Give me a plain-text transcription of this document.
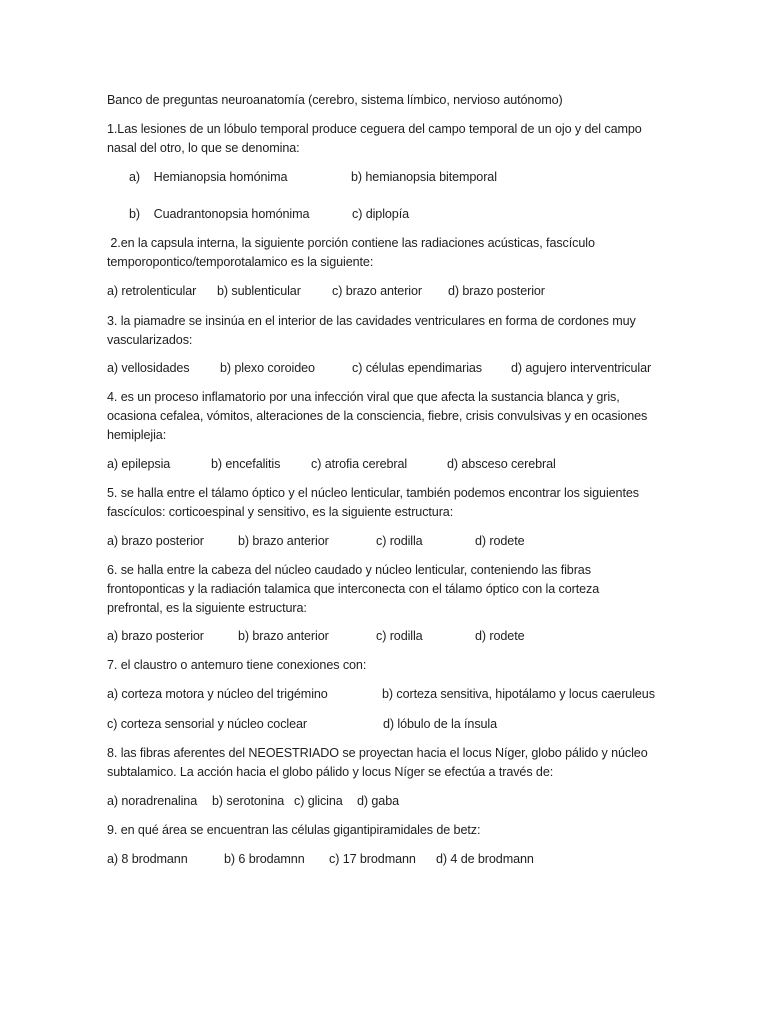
Banco de preguntas neuroanatomía (cerebro, sistema límbico, nervioso autónomo)
1.Las lesiones de un lóbulo temporal produce ceguera del campo temporal de un ojo y del campo
nasal del otro, lo que se denomina:
a)    Hemianopsia homónima	b) hemianopsia bitemporal
b)    Cuadrantonopsia homónima	c) diplopía
2.en la capsula interna, la siguiente porción contiene las radiaciones acústicas, fascículo
temporopontico/temporotalamico es la siguiente:
a) retrolenticular b) sublenticular c) brazo anterior d) brazo posterior
3. la piamadre se insinúa en el interior de las cavidades ventriculares en forma de cordones muy
vascularizados:
a) vellosidades b) plexo coroideo	c) células ependimarias d) agujero interventricular
4. es un proceso inflamatorio por una infección viral que que afecta la sustancia blanca y gris,
ocasiona cefalea, vómitos, alteraciones de la consciencia, fiebre, crisis convulsivas y en ocasiones
hemiplejia:
a) epilepsia	b) encefalitis c) atrofia cerebral	d) absceso cerebral
5. se halla entre el tálamo óptico y el núcleo lenticular, también podemos encontrar los siguientes
fascículos: corticoespinal y sensitivo, es la siguiente estructura:
a) brazo posterior	b) brazo anterior	c) rodilla	d) rodete
6. se halla entre la cabeza del núcleo caudado y núcleo lenticular, conteniendo las fibras
frontoponticas y la radiación talamica que interconecta con el tálamo óptico con la corteza
prefrontal, es la siguiente estructura:
a) brazo posterior	b) brazo anterior	c) rodilla	d) rodete
7. el claustro o antemuro tiene conexiones con:
a) corteza motora y núcleo del trigémino	b) corteza sensitiva, hipotálamo y locus caeruleus
c) corteza sensorial y núcleo coclear	d) lóbulo de la ínsula
8. las fibras aferentes del NEOESTRIADO se proyectan hacia el locus Níger, globo pálido y núcleo
subtalamico. La acción hacia el globo pálido y locus Níger se efectúa a través de:
a) noradrenalina b) serotonina c) glicina d) gaba
9. en qué área se encuentran las células gigantipiramidales de betz:
a) 8 brodmann	b) 6 brodamnn c) 17 brodmann d) 4 de brodmann
